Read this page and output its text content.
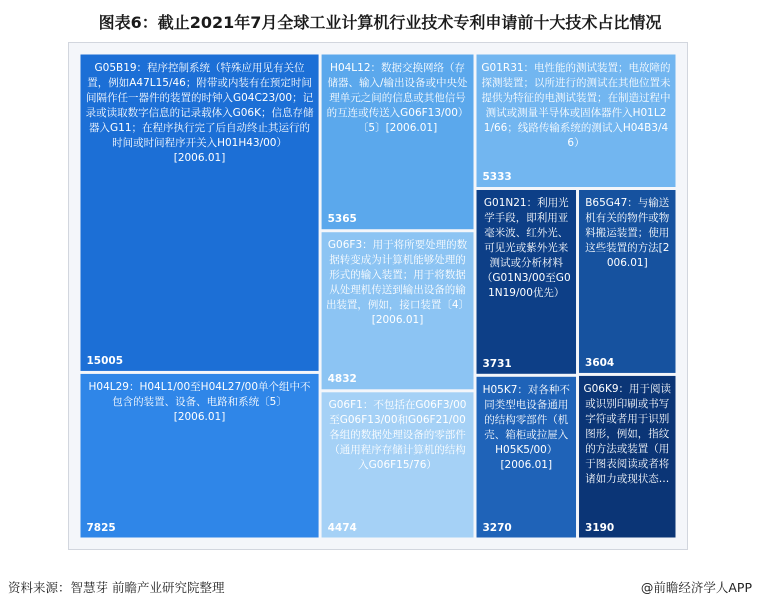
图表6：截止2021年7月全球工业计算机行业技术专利申请前十大技术占比情况
G05B19：程序控制系统（特殊应用见有关位置，例如A47L15/46；附带或内装有在预定时间间隔作任一器件的装置的时钟入G04C23/00；记录或读取数字信息的记录载体入G06K；信息存储器入G11；在程序执行完了后自动终止其运行的时间或时间程序开关入H01H43/00）
[2006.01]
15005
H04L29：H04L1/00至H04L27/00单个组中不包含的装置、设备、电路和系统〔5〕
[2006.01]
7825
H04L12：数据交换网络（存储器、输入/输出设备或中央处理单元之间的信息或其他信号的互连或传送入G06F13/00）〔5〕[2006.01]
5365
G01R31：电性能的测试装置；电故障的探测装置；以所进行的测试在其他位置未提供为特征的电测试装置；在制造过程中测试或测量半导体或固体器件入H01L21/66；线路传输系统的测试入H04B3/46）
5333
G06F3：用于将所要处理的数据转变成为计算机能够处理的形式的输入装置；用于将数据从处理机传送到输出设备的输出装置，例如，接口装置〔4〕[2006.01]
4832
G06F1：不包括在G06F3/00至G06F13/00和G06F21/00各组的数据处理设备的零部件（通用程序存储计算机的结构入G06F15/76）
4474
G01N21：利用光学手段，即利用亚毫米波、红外光、可见光或紫外光来测试或分析材料（G01N3/00至G01N19/00优先）
3731
B65G47：与输送机有关的物件或物料搬运装置；使用这些装置的方法[2006.01]
3604
H05K7：对各种不同类型电设备通用的结构零部件（机壳、箱柜或拉屉入H05K5/00）
[2006.01]
3270
G06K9：用于阅读或识别印刷或书写字符或者用于识别图形，例如，指纹的方法或装置（用于图表阅读或者将诸如力或现状态…
3190
资料来源：智慧芽 前瞻产业研究院整理	@前瞻经济学人APP
